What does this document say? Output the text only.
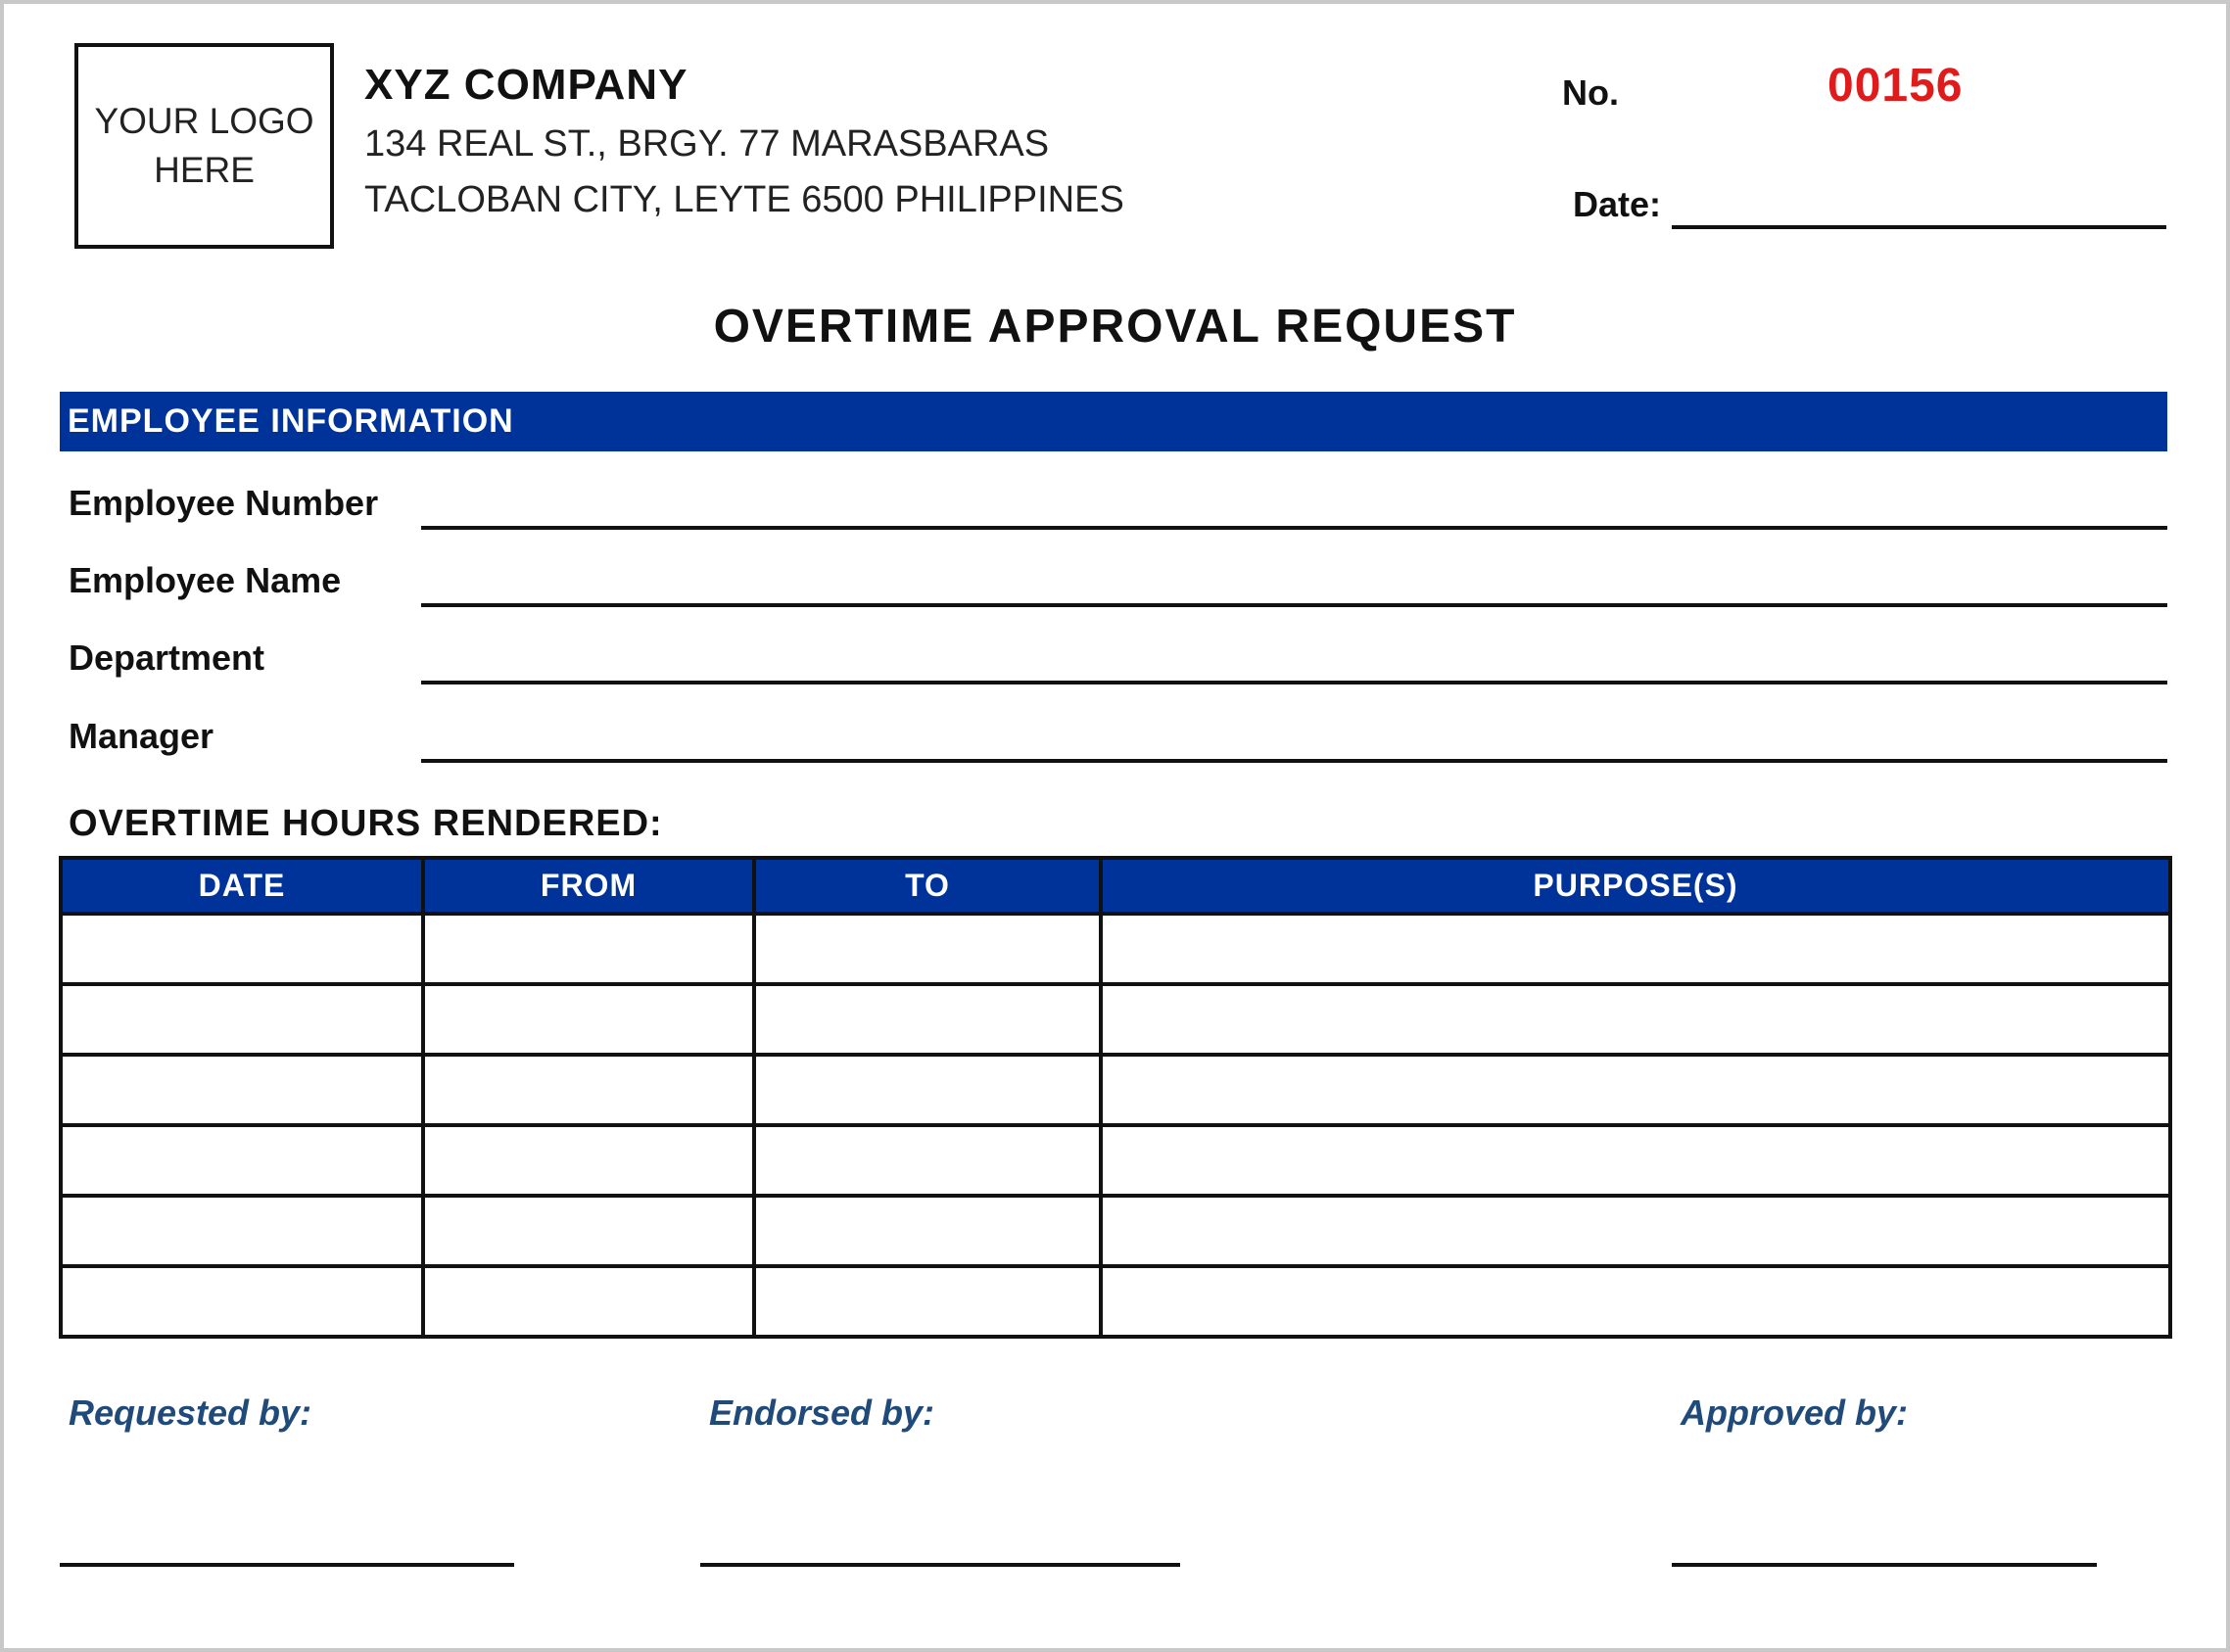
YOUR LOGO
HERE
XYZ COMPANY
134 REAL ST., BRGY. 77 MARASBARAS
TACLOBAN CITY, LEYTE 6500 PHILIPPINES
No.	00156
Date:
OVERTIME APPROVAL REQUEST
EMPLOYEE INFORMATION
Employee Number
Employee Name
Department
Manager
OVERTIME HOURS RENDERED:
DATE	FROM	TO	PURPOSE(S)

Requested by:	Endorsed by:	Approved by:
